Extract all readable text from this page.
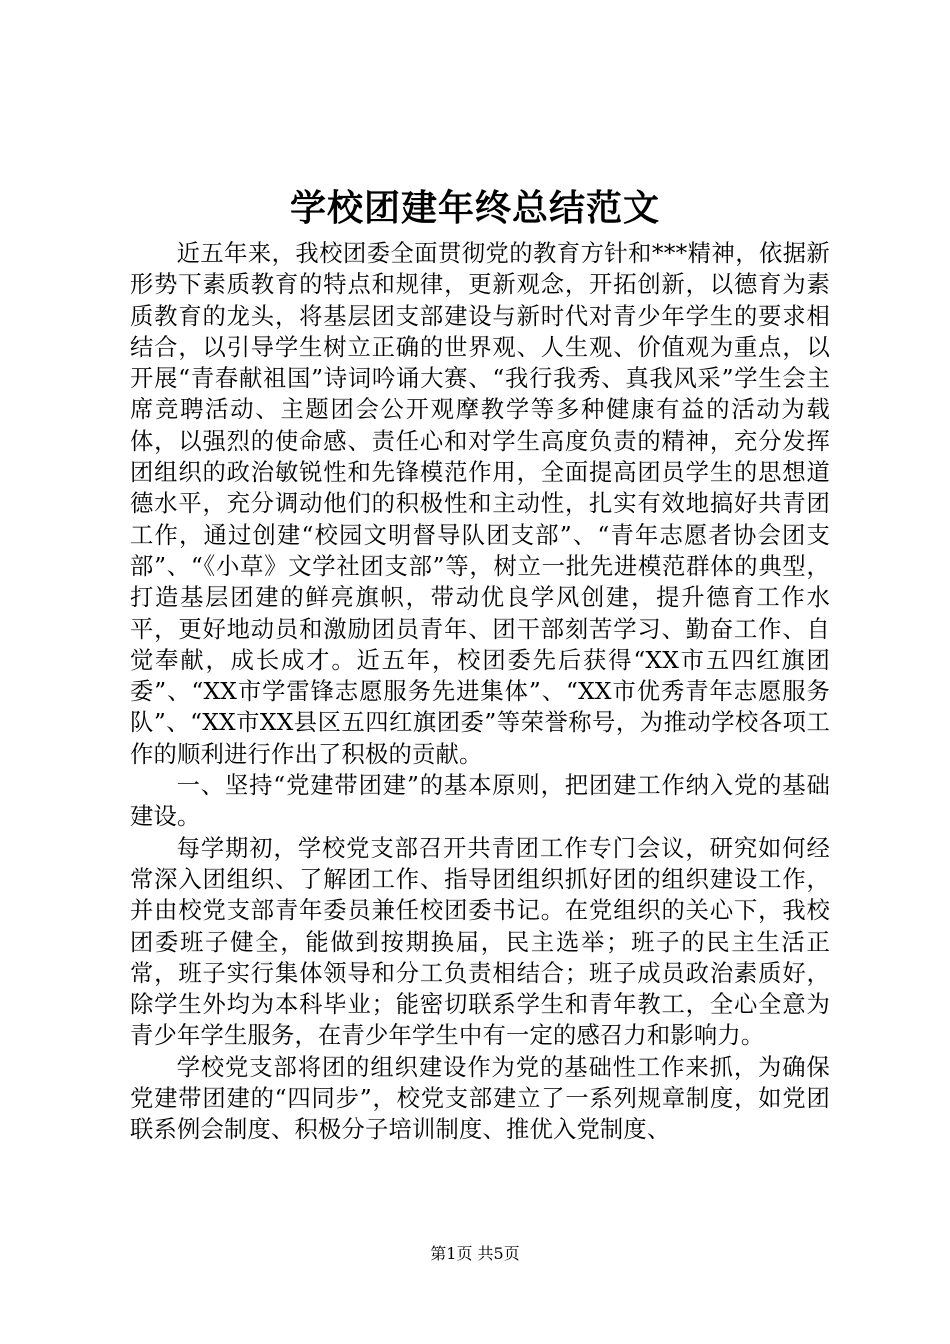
学校团建年终总结范文

近五年来，我校团委全面贯彻党的教育方针和***精神，依据新形势下素质教育的特点和规律，更新观念，开拓创新，以德育为素质教育的龙头，将基层团支部建设与新时代对青少年学生的要求相结合，以引导学生树立正确的世界观、人生观、价值观为重点，以开展“青春献祖国”诗词吟诵大赛、“我行我秀、真我风采”学生会主席竞聘活动、主题团会公开观摩教学等多种健康有益的活动为载体，以强烈的使命感、责任心和对学生高度负责的精神，充分发挥团组织的政治敏锐性和先锋模范作用，全面提高团员学生的思想道德水平，充分调动他们的积极性和主动性，扎实有效地搞好共青团工作，通过创建“校园文明督导队团支部”、“青年志愿者协会团支部”、“《小草》文学社团支部”等，树立一批先进模范群体的典型，打造基层团建的鲜亮旗帜，带动优良学风创建，提升德育工作水平，更好地动员和激励团员青年、团干部刻苦学习、勤奋工作、自觉奉献，成长成才。近五年，校团委先后获得“XX市五四红旗团委”、“XX市学雷锋志愿服务先进集体”、“XX市优秀青年志愿服务队”、“XX市XX县区五四红旗团委”等荣誉称号，为推动学校各项工作的顺利进行作出了积极的贡献。

一、坚持“党建带团建”的基本原则，把团建工作纳入党的基础建设。

每学期初，学校党支部召开共青团工作专门会议，研究如何经常深入团组织、了解团工作、指导团组织抓好团的组织建设工作，并由校党支部青年委员兼任校团委书记。在党组织的关心下，我校团委班子健全，能做到按期换届，民主选举；班子的民主生活正常，班子实行集体领导和分工负责相结合；班子成员政治素质好，除学生外均为本科毕业；能密切联系学生和青年教工，全心全意为青少年学生服务，在青少年学生中有一定的感召力和影响力。

学校党支部将团的组织建设作为党的基础性工作来抓，为确保党建带团建的“四同步”，校党支部建立了一系列规章制度，如党团联系例会制度、积极分子培训制度、推优入党制度、

第1页 共5页
